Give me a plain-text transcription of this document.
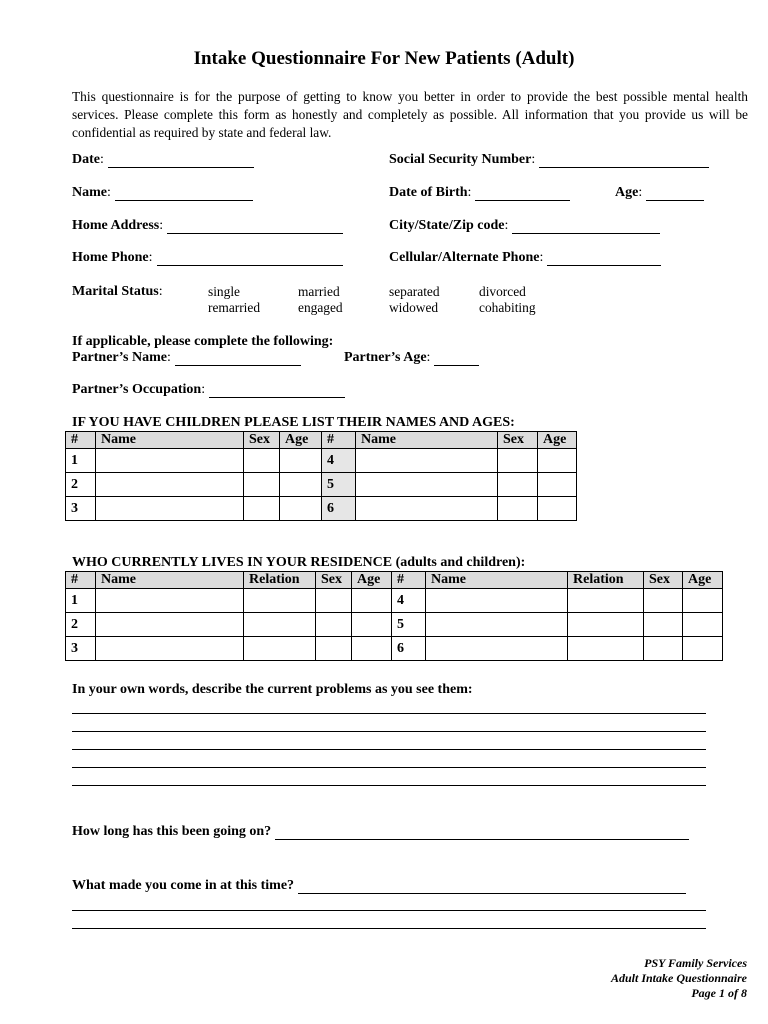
Intake Questionnaire For New Patients (Adult)
This questionnaire is for the purpose of getting to know you better in order to provide the best possible mental health services. Please complete this form as honestly and completely as possible. All information that you provide us will be confidential as required by state and federal law.
Date:	Social Security Number:
Name:	Date of Birth:	Age:
Home Address:	City/State/Zip code:
Home Phone:	Cellular/Alternate Phone:
Marital Status:	single	married	separated	divorced
remarried	engaged	widowed	cohabiting
If applicable, please complete the following:
Partner’s Name:	Partner’s Age:
Partner’s Occupation:
IF YOU HAVE CHILDREN PLEASE LIST THEIR NAMES AND AGES:
#	Name	Sex	Age	#	Name	Sex	Age
1				4			
2				5			
3				6			
WHO CURRENTLY LIVES IN YOUR RESIDENCE (adults and children):
#	Name	Relation	Sex	Age	#	Name	Relation	Sex	Age
1					4				
2					5				
3					6				
In your own words, describe the current problems as you see them:
How long has this been going on?
What made you come in at this time?
PSY Family Services
Adult Intake Questionnaire
Page 1 of 8
